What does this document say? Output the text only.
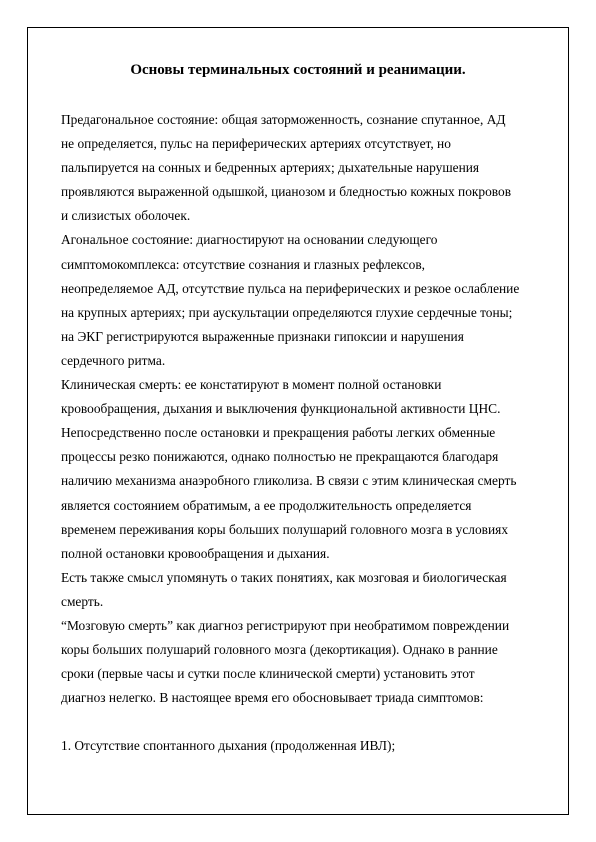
Основы терминальных состояний и реанимации.
Предагональное состояние: общая заторможенность, сознание спутанное, АД
не определяется, пульс на периферических артериях отсутствует, но
пальпируется на сонных и бедренных артериях; дыхательные нарушения
проявляются выраженной одышкой, цианозом и бледностью кожных покровов
и слизистых оболочек.
Агональное состояние: диагностируют на основании следующего
симптомокомплекса: отсутствие сознания и глазных рефлексов,
неопределяемое АД, отсутствие пульса на периферических и резкое ослабление
на крупных артериях; при аускультации определяются глухие сердечные тоны;
на ЭКГ регистрируются выраженные признаки гипоксии и нарушения
сердечного ритма.
Клиническая смерть: ее констатируют в момент полной остановки
кровообращения, дыхания и выключения функциональной активности ЦНС.
Непосредственно после остановки и прекращения работы легких обменные
процессы резко понижаются, однако полностью не прекращаются благодаря
наличию механизма анаэробного гликолиза. В связи с этим клиническая смерть
является состоянием обратимым, а ее продолжительность определяется
временем переживания коры больших полушарий головного мозга в условиях
полной остановки кровообращения и дыхания.
Есть также смысл упомянуть о таких понятиях, как мозговая и биологическая
смерть.
“Мозговую смерть” как диагноз регистрируют при необратимом повреждении
коры больших полушарий головного мозга (декортикация). Однако в ранние
сроки (первые часы и сутки после клинической смерти) установить этот
диагноз нелегко. В настоящее время его обосновывает триада симптомов:
1. Отсутствие спонтанного дыхания (продолженная ИВЛ);
